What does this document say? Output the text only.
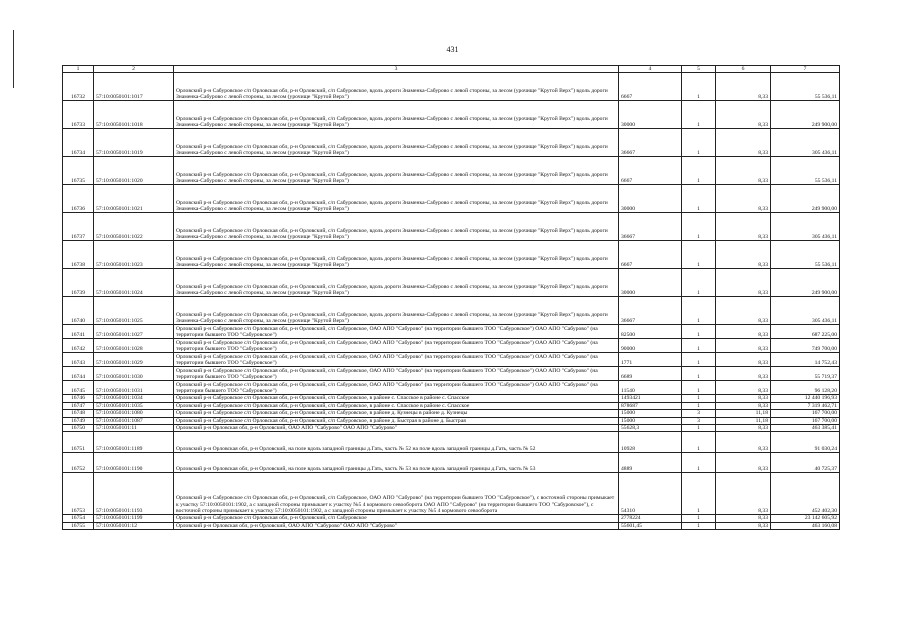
431
1	2	3	4	5	6	7
16732	57:10:0050101:1017	Орловский р-н Сабуровское с/п Орловская обл, р-н Орловский, с/п Сабуровское, вдоль дороги Знаменка-Сабурово с левой стороны, за лесом (урочище "Крутой Верх") вдоль дороги Знаменка-Сабурово с левой стороны, за лесом (урочище "Крутой Верх")	6667	1	8,33	55 536,11
16733	57:10:0050101:1018	Орловский р-н Сабуровское с/п Орловская обл, р-н Орловский, с/п Сабуровское, вдоль дороги Знаменка-Сабурово с левой стороны, за лесом (урочище "Крутой Верх") вдоль дороги Знаменка-Сабурово с левой стороны, за лесом (урочище "Крутой Верх")	30000	1	8,33	249 900,00
16734	57:10:0050101:1019	Орловский р-н Сабуровское с/п Орловская обл, р-н Орловский, с/п Сабуровское, вдоль дороги Знаменка-Сабурово с левой стороны, за лесом (урочище "Крутой Верх") вдоль дороги Знаменка-Сабурово с левой стороны, за лесом (урочище "Крутой Верх")	36667	1	8,33	305 436,11
16735	57:10:0050101:1020	Орловский р-н Сабуровское с/п Орловская обл, р-н Орловский, с/п Сабуровское, вдоль дороги Знаменка-Сабурово с левой стороны, за лесом (урочище "Крутой Верх") вдоль дороги Знаменка-Сабурово с левой стороны, за лесом (урочище "Крутой Верх")	6667	1	8,33	55 536,11
16736	57:10:0050101:1021	Орловский р-н Сабуровское с/п Орловская обл, р-н Орловский, с/п Сабуровское, вдоль дороги Знаменка-Сабурово с левой стороны, за лесом (урочище "Крутой Верх") вдоль дороги Знаменка-Сабурово с левой стороны, за лесом (урочище "Крутой Верх")	30000	1	8,33	249 900,00
16737	57:10:0050101:1022	Орловский р-н Сабуровское с/п Орловская обл, р-н Орловский, с/п Сабуровское, вдоль дороги Знаменка-Сабурово с левой стороны, за лесом (урочище "Крутой Верх") вдоль дороги Знаменка-Сабурово с левой стороны, за лесом (урочище "Крутой Верх")	36667	1	8,33	305 436,11
16738	57:10:0050101:1023	Орловский р-н Сабуровское с/п Орловская обл, р-н Орловский, с/п Сабуровское, вдоль дороги Знаменка-Сабурово с левой стороны, за лесом (урочище "Крутой Верх") вдоль дороги Знаменка-Сабурово с левой стороны, за лесом (урочище "Крутой Верх")	6667	1	8,33	55 536,11
16739	57:10:0050101:1024	Орловский р-н Сабуровское с/п Орловская обл, р-н Орловский, с/п Сабуровское, вдоль дороги Знаменка-Сабурово с левой стороны, за лесом (урочище "Крутой Верх") вдоль дороги Знаменка-Сабурово с левой стороны, за лесом (урочище "Крутой Верх")	30000	1	8,33	249 900,00
16740	57:10:0050101:1025	Орловский р-н Сабуровское с/п Орловская обл, р-н Орловский, с/п Сабуровское, вдоль дороги Знаменка-Сабурово с левой стороны, за лесом (урочище "Крутой Верх") вдоль дороги Знаменка-Сабурово с левой стороны, за лесом (урочище "Крутой Верх")	36667	1	8,33	305 436,11
16741	57:10:0050101:1027	Орловский р-н Сабуровское с/п Орловская обл, р-н Орловский, с/п Сабуровское, ОАО АПО "Сабурово" (на территории бывшего ТОО "Сабуровское") ОАО АПО "Сабурово" (на территории бывшего ТОО "Сабуровское")	82500	1	8,33	687 225,00
16742	57:10:0050101:1028	Орловский р-н Сабуровское с/п Орловская обл, р-н Орловский, с/п Сабуровское, ОАО АПО "Сабурово" (на территории бывшего ТОО "Сабуровское") ОАО АПО "Сабурово" (на территории бывшего ТОО "Сабуровское")	90000	1	8,33	749 700,00
16743	57:10:0050101:1029	Орловский р-н Сабуровское с/п Орловская обл, р-н Орловский, с/п Сабуровское, ОАО АПО "Сабурово" (на территории бывшего ТОО "Сабуровское") ОАО АПО "Сабурово" (на территории бывшего ТОО "Сабуровское")	1771	1	8,33	14 752,43
16744	57:10:0050101:1030	Орловский р-н Сабуровское с/п Орловская обл, р-н Орловский, с/п Сабуровское, ОАО АПО "Сабурово" (на территории бывшего ТОО "Сабуровское") ОАО АПО "Сабурово" (на территории бывшего ТОО "Сабуровское")	6689	1	8,33	55 719,37
16745	57:10:0050101:1031	Орловский р-н Сабуровское с/п Орловская обл, р-н Орловский, с/п Сабуровское, ОАО АПО "Сабурово" (на территории бывшего ТОО "Сабуровское") ОАО АПО "Сабурово" (на территории бывшего ТОО "Сабуровское")	11540	1	8,33	96 128,20
16746	57:10:0050101:1034	Орловский р-н Сабуровское с/п Орловская обл, р-н Орловский, с/п Сабуровское, в районе с. Спасское в районе с. Спасское	1493421	1	8,33	12 440 196,93
16747	57:10:0050101:1035	Орловский р-н Сабуровское с/п Орловская обл, р-н Орловский, с/п Сабуровское, в районе с. Спасское в районе с. Спасское	878687	1	8,33	7 319 462,71
16748	57:10:0050101:1080	Орловский р-н Сабуровское с/п Орловская обл, р-н Орловский, с/п Сабуровское, в районе д. Кузнецы в районе д. Кузнецы	15000	3	11,18	167 700,00
16749	57:10:0050101:1087	Орловский р-н Сабуровское с/п Орловская обл, р-н Орловский, с/п Сабуровское, в районе д. Быстрая в районе д. Быстрая	15000	3	11,18	167 700,00
16750	57:10:0050101:11	Орловский р-н Орловская обл, р-н Орловский, ОАО АПО "Сабурово" ОАО АПО "Сабурово"	55628,3	1	8,33	463 385,41
16751	57:10:0050101:1189	Орловский р-н Орловская обл, р-н Орловский, на поле вдоль западной границы д.Гать, часть № 52 на поле вдоль западной границы д.Гать, часть № 52	10928	1	8,33	91 030,24
16752	57:10:0050101:1190	Орловский р-н Орловская обл, р-н Орловский, на поле вдоль западной границы д.Гать, часть № 53 на поле вдоль западной границы д.Гать, часть № 53	4889	1	8,33	40 725,37
16753	57:10:0050101:1193	Орловский р-н Сабуровское с/п Орловская обл, р-н Орловский, с/п Сабуровское, ОАО АПО "Сабурово" (на территории бывшего ТОО "Сабуровское"), с восточной стороны примыкает к участку 57:10:0050101:1902, а с западной стороны примыкает к участку №5 4 кормового севооборота ОАО АПО "Сабурово" (на территории бывшего ТОО "Сабуровское"), с восточной стороны примыкает к участку 57:10:0050101:1902, а с западной стороны примыкает к участку №5 4 кормового севооборота	54310	1	8,33	452 402,30
16754	57:10:0050101:1199	Орловский р-н Сабуровское с/п Орловская обл, р-н Орловский, с/п Сабуровское	2778224	1	8,33	23 142 605,92
16755	57:10:0050101:12	Орловский р-н Орловская обл, р-н Орловский, ОАО АПО "Сабурово" ОАО АПО "Сабурово"	55601,45	1	8,33	463 160,08
